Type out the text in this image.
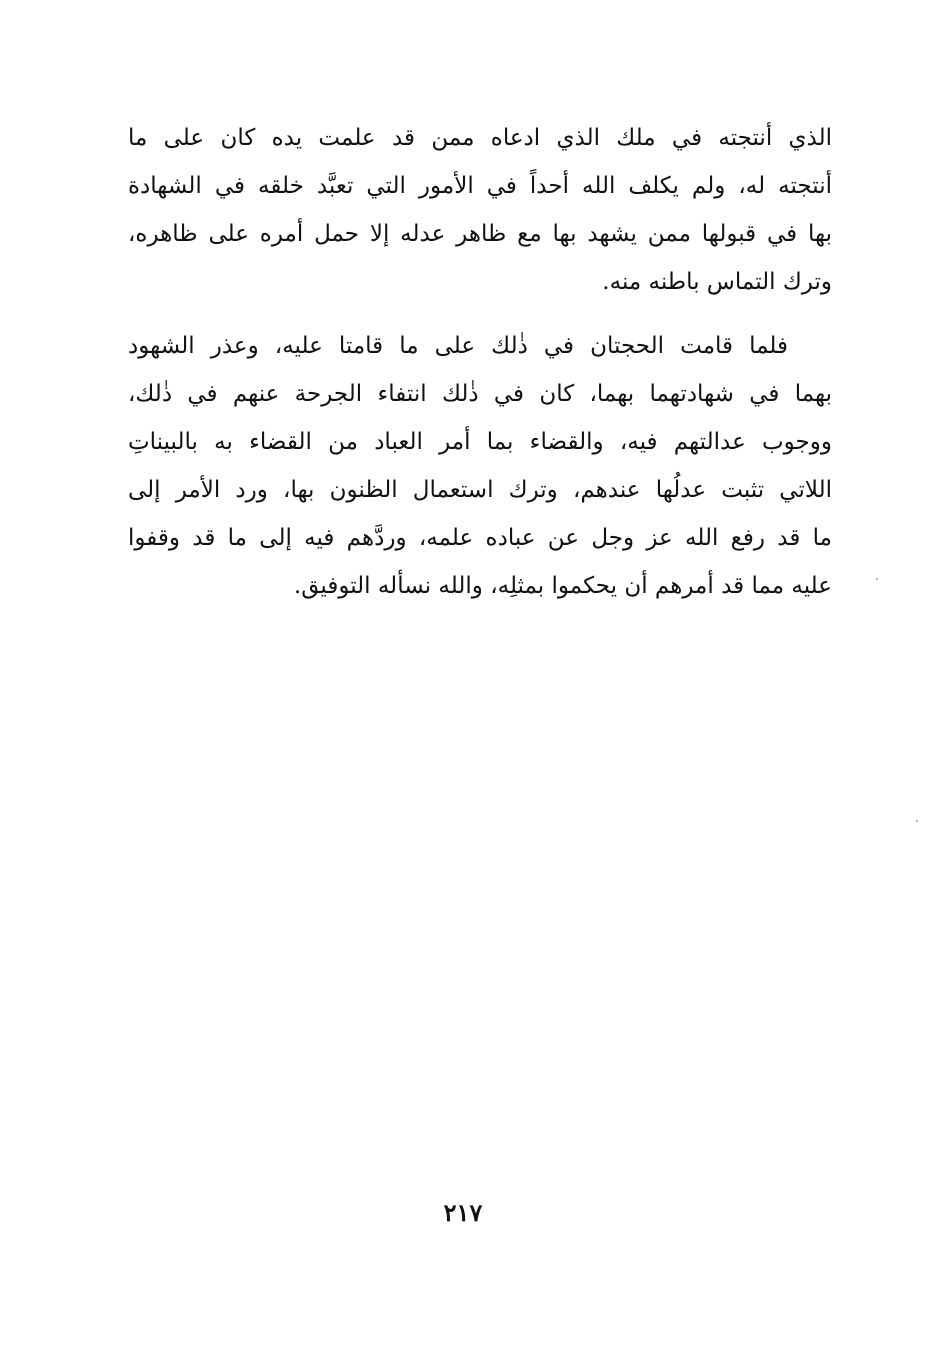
الذي أنتجته في ملك الذي ادعاه ممن قد علمت يده كان على ما
أنتجته له، ولم يكلف الله أحداً في الأمور التي تعبَّد خلقه في الشهادة
بها في قبولها ممن يشهد بها مع ظاهر عدله إلا حمل أمره على ظاهره،
وترك التماس باطنه منه.
فلما قامت الحجتان في ذٰلك على ما قامتا عليه، وعذر الشهود
بهما في شهادتهما بهما، كان في ذٰلك انتفاء الجرحة عنهم في ذٰلك،
ووجوب عدالتهم فيه، والقضاء بما أمر العباد من القضاء به بالبيناتِ
اللاتي تثبت عدلُها عندهم، وترك استعمال الظنون بها، ورد الأمر إلى
ما قد رفع الله عز وجل عن عباده علمه، وردَّهم فيه إلى ما قد وقفوا
عليه مما قد أمرهم أن يحكموا بمثلِه، والله نسأله التوفيق.
٢١٧
